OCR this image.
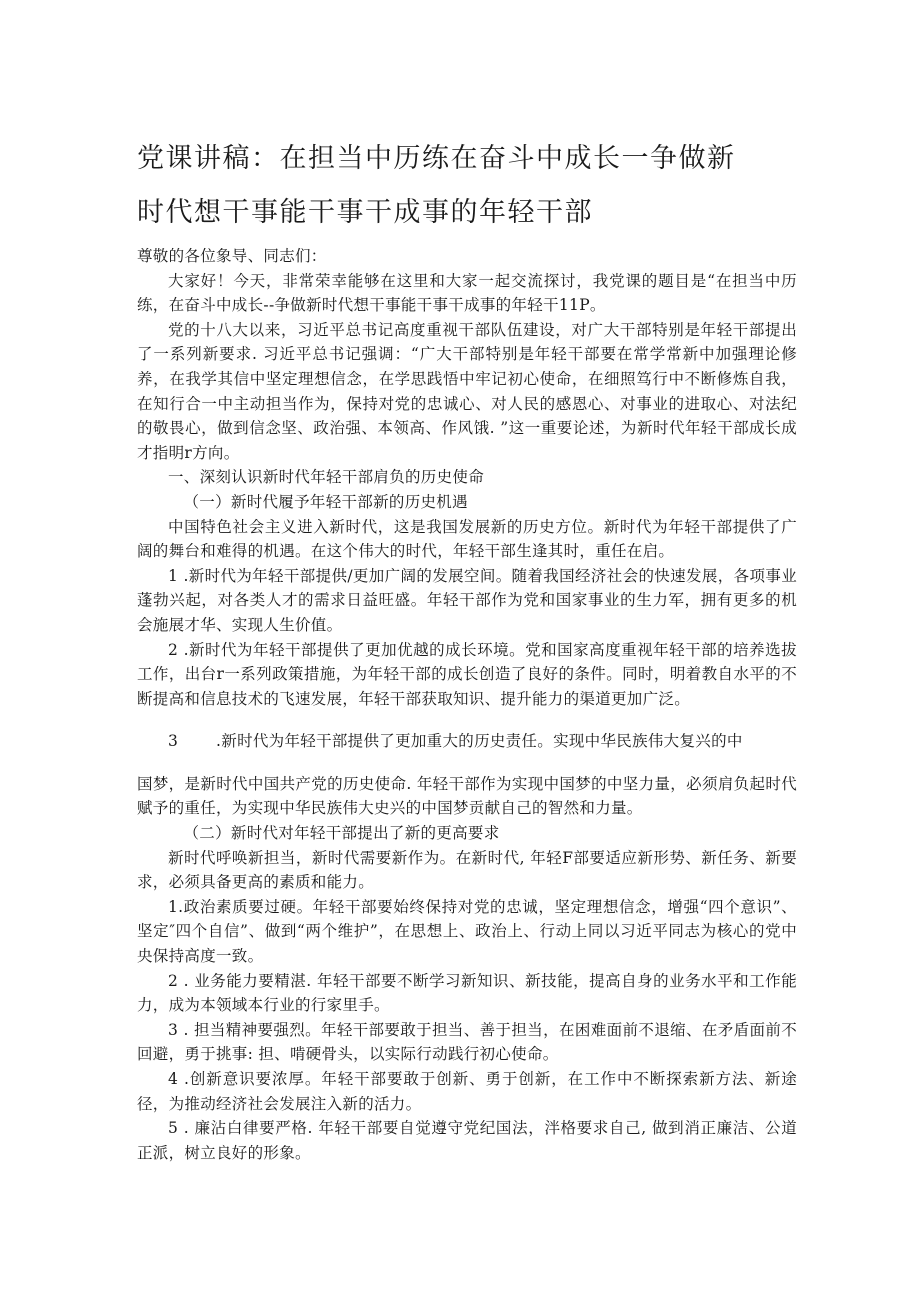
党课讲稿：在担当中历练在奋斗中成长一争做新
时代想干事能干事干成事的年轻干部

尊敬的各位象导、同志们：

大家好！今天，非常荣幸能够在这里和大家一起交流探讨，我党课的题目是“在担当中历练，在奋斗中成长--争做新时代想干事能干事干成事的年轻干11P。

党的十八大以来，习近平总书记高度重视干部队伍建设，对广大干部特别是年轻干部提出了一系列新要求. 习近平总书记强调：“广大干部特别是年轻干部要在常学常新中加强理论修养，在我学其信中坚定理想信念，在学思践悟中牢记初心使命，在细照笃行中不断修炼自我，在知行合一中主动担当作为，保持对党的忠诚心、对人民的感恩心、对事业的进取心、对法纪的敬畏心，做到信念坚、政治强、本领高、作风饿. ”这一重要论述，为新时代年轻干部成长成才指明r方向。

一、深刻认识新时代年轻干部肩负的历史使命

（一）新时代履予年轻干部新的历史机遇

中国特色社会主义进入新时代，这是我国发展新的历史方位。新时代为年轻干部提供了广阔的舞台和难得的机遇。在这个伟大的时代，年轻干部生逢其时，重任在启。

1 .新时代为年轻干部提供/更加广阔的发展空间。随着我国经济社会的快速发展，各项事业蓬勃兴起，对各类人才的需求日益旺盛。年轻干部作为党和国家事业的生力军，拥有更多的机会施展才华、实现人生价值。

2 .新时代为年轻干部提供了更加优越的成长环境。党和国家高度重视年轻干部的培养选拔工作，出台r一系列政策措施，为年轻干部的成长创造了良好的条件。同时，明着教自水平的不断提高和信息技术的飞速发展，年轻干部获取知识、提升能力的渠道更加广泛。

3 .新时代为年轻干部提供了更加重大的历史责任。实现中华民族伟大复兴的中

国梦，是新时代中国共产党的历史使命. 年轻干部作为实现中国梦的中坚力量，必须肩负起时代赋予的重任，为实现中华民族伟大史兴的中国梦贡献自己的智然和力量。

（二）新时代对年轻干部提出了新的更高要求

新时代呼唤新担当，新时代需要新作为。在新时代, 年轻F部要适应新形势、新任务、新要求，必须具备更高的素质和能力。

1.政治素质要过硬。年轻干部要始终保持对党的忠诚，坚定理想信念，增强“四个意识”、坚定″四个自信”、做到“两个维护”，在思想上、政治上、行动上同以习近平同志为核心的党中央保持高度一致。

2 . 业务能力要精湛. 年轻干部要不断学习新知识、新技能，提高自身的业务水平和工作能力，成为本领域本行业的行家里手。

3 . 担当精神要强烈。年轻干部要敢于担当、善于担当，在困难面前不退缩、在矛盾面前不回避，勇于挑事: 担、啃硬骨头，以实际行动践行初心使命。

4 .创新意识要浓厚。年轻干部要敢于创新、勇于创新，在工作中不断探索新方法、新途径，为推动经济社会发展注入新的活力。

5 . 廉沾白律要严格. 年轻干部要自觉遵守党纪国法，泮格要求自己, 做到消正廉洁、公道正派，树立良好的形象。
